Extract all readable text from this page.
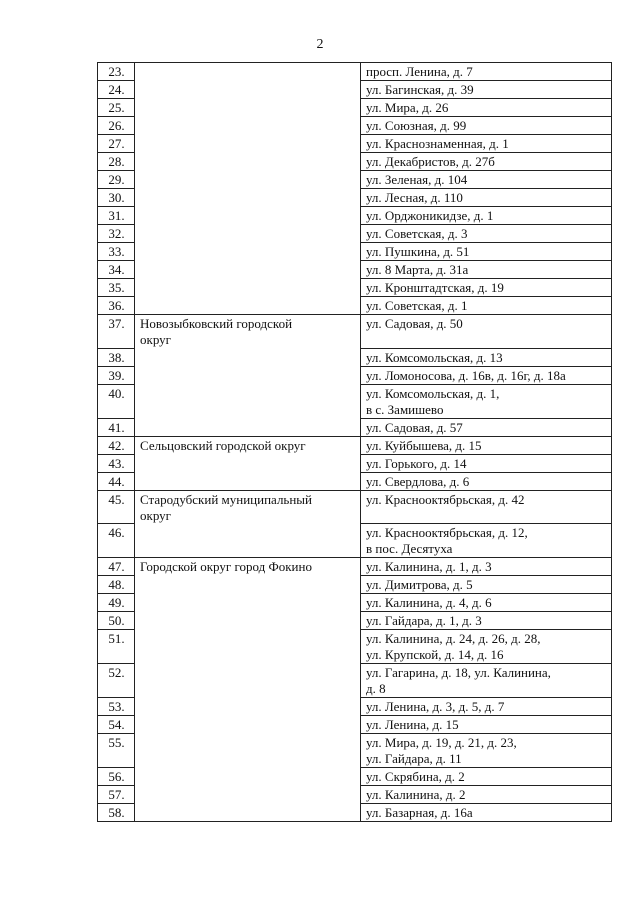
2
23.		просп. Ленина, д. 7
24.		ул. Багинская, д. 39
25.		ул. Мира, д. 26
26.		ул. Союзная, д. 99
27.		ул. Краснознаменная, д. 1
28.		ул. Декабристов, д. 27б
29.		ул. Зеленая, д. 104
30.		ул. Лесная, д. 110
31.		ул. Орджоникидзе, д. 1
32.		ул. Советская, д. 3
33.		ул. Пушкина, д. 51
34.		ул. 8 Марта, д. 31а
35.		ул. Кронштадтская, д. 19
36.		ул. Советская, д. 1
37.	Новозыбковский городской
округ	ул. Садовая, д. 50
38.		ул. Комсомольская, д. 13
39.		ул. Ломоносова, д. 16в, д. 16г, д. 18а
40.		ул. Комсомольская, д. 1,
в с. Замишево
41.		ул. Садовая, д. 57
42.	Сельцовский городской округ	ул. Куйбышева, д. 15
43.		ул. Горького, д. 14
44.		ул. Свердлова, д. 6
45.	Стародубский муниципальный
округ	ул. Краснооктябрьская, д. 42
46.		ул. Краснооктябрьская, д. 12,
в пос. Десятуха
47.	Городской округ город Фокино	ул. Калинина, д. 1, д. 3
48.		ул. Димитрова, д. 5
49.		ул. Калинина, д. 4, д. 6
50.		ул. Гайдара, д. 1, д. 3
51.		ул. Калинина, д. 24, д. 26, д. 28,
ул. Крупской, д. 14, д. 16
52.		ул. Гагарина, д. 18, ул. Калинина,
д. 8
53.		ул. Ленина, д. 3, д. 5, д. 7
54.		ул. Ленина, д. 15
55.		ул. Мира, д. 19, д. 21, д. 23,
ул. Гайдара, д. 11
56.		ул. Скрябина, д. 2
57.		ул. Калинина, д. 2
58.		ул. Базарная, д. 16а
